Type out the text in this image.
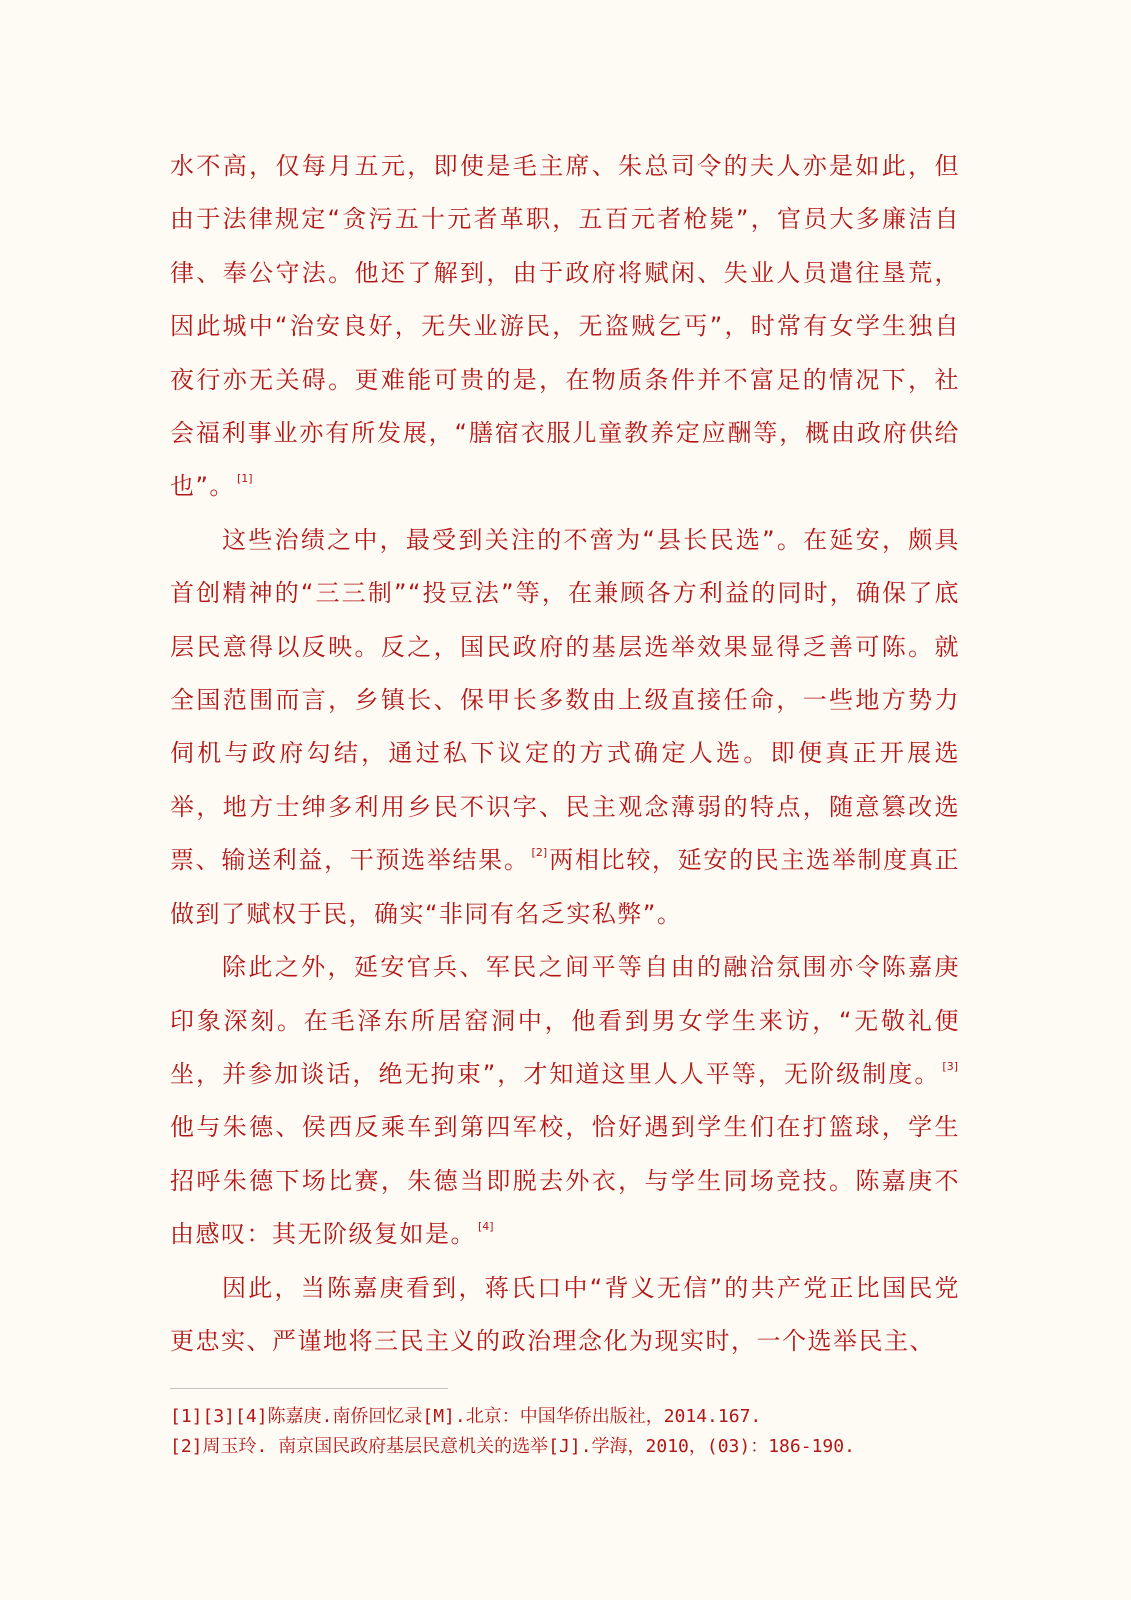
水不高，仅每月五元，即使是毛主席、朱总司令的夫人亦是如此，但由于法律规定“贪污五十元者革职，五百元者枪毙”，官员大多廉洁自律、奉公守法。他还了解到，由于政府将赋闲、失业人员遣往垦荒，因此城中“治安良好，无失业游民，无盗贼乞丐”，时常有女学生独自夜行亦无关碍。更难能可贵的是，在物质条件并不富足的情况下，社会福利事业亦有所发展，“膳宿衣服儿童教养定应酬等，概由政府供给也”。 [1]

这些治绩之中，最受到关注的不啻为“县长民选”。在延安，颇具首创精神的“三三制”“投豆法”等，在兼顾各方利益的同时，确保了底层民意得以反映。反之，国民政府的基层选举效果显得乏善可陈。就全国范围而言，乡镇长、保甲长多数由上级直接任命，一些地方势力伺机与政府勾结，通过私下议定的方式确定人选。即便真正开展选举，地方士绅多利用乡民不识字、民主观念薄弱的特点，随意篡改选票、输送利益，干预选举结果。 [2]两相比较，延安的民主选举制度真正做到了赋权于民，确实“非同有名乏实私弊”。

除此之外，延安官兵、军民之间平等自由的融洽氛围亦令陈嘉庚印象深刻。在毛泽东所居窑洞中，他看到男女学生来访，“无敬礼便坐，并参加谈话，绝无拘束”，才知道这里人人平等，无阶级制度。 [3]他与朱德、侯西反乘车到第四军校，恰好遇到学生们在打篮球，学生招呼朱德下场比赛，朱德当即脱去外衣，与学生同场竞技。陈嘉庚不由感叹：其无阶级复如是。 [4]

因此，当陈嘉庚看到，蒋氏口中“背义无信”的共产党正比国民党更忠实、严谨地将三民主义的政治理念化为现实时，一个选举民主、

[1][3][4]陈嘉庚.南侨回忆录[M].北京：中国华侨出版社，2014.167.

[2]周玉玲. 南京国民政府基层民意机关的选举[J].学海，2010，(03)：186-190.
